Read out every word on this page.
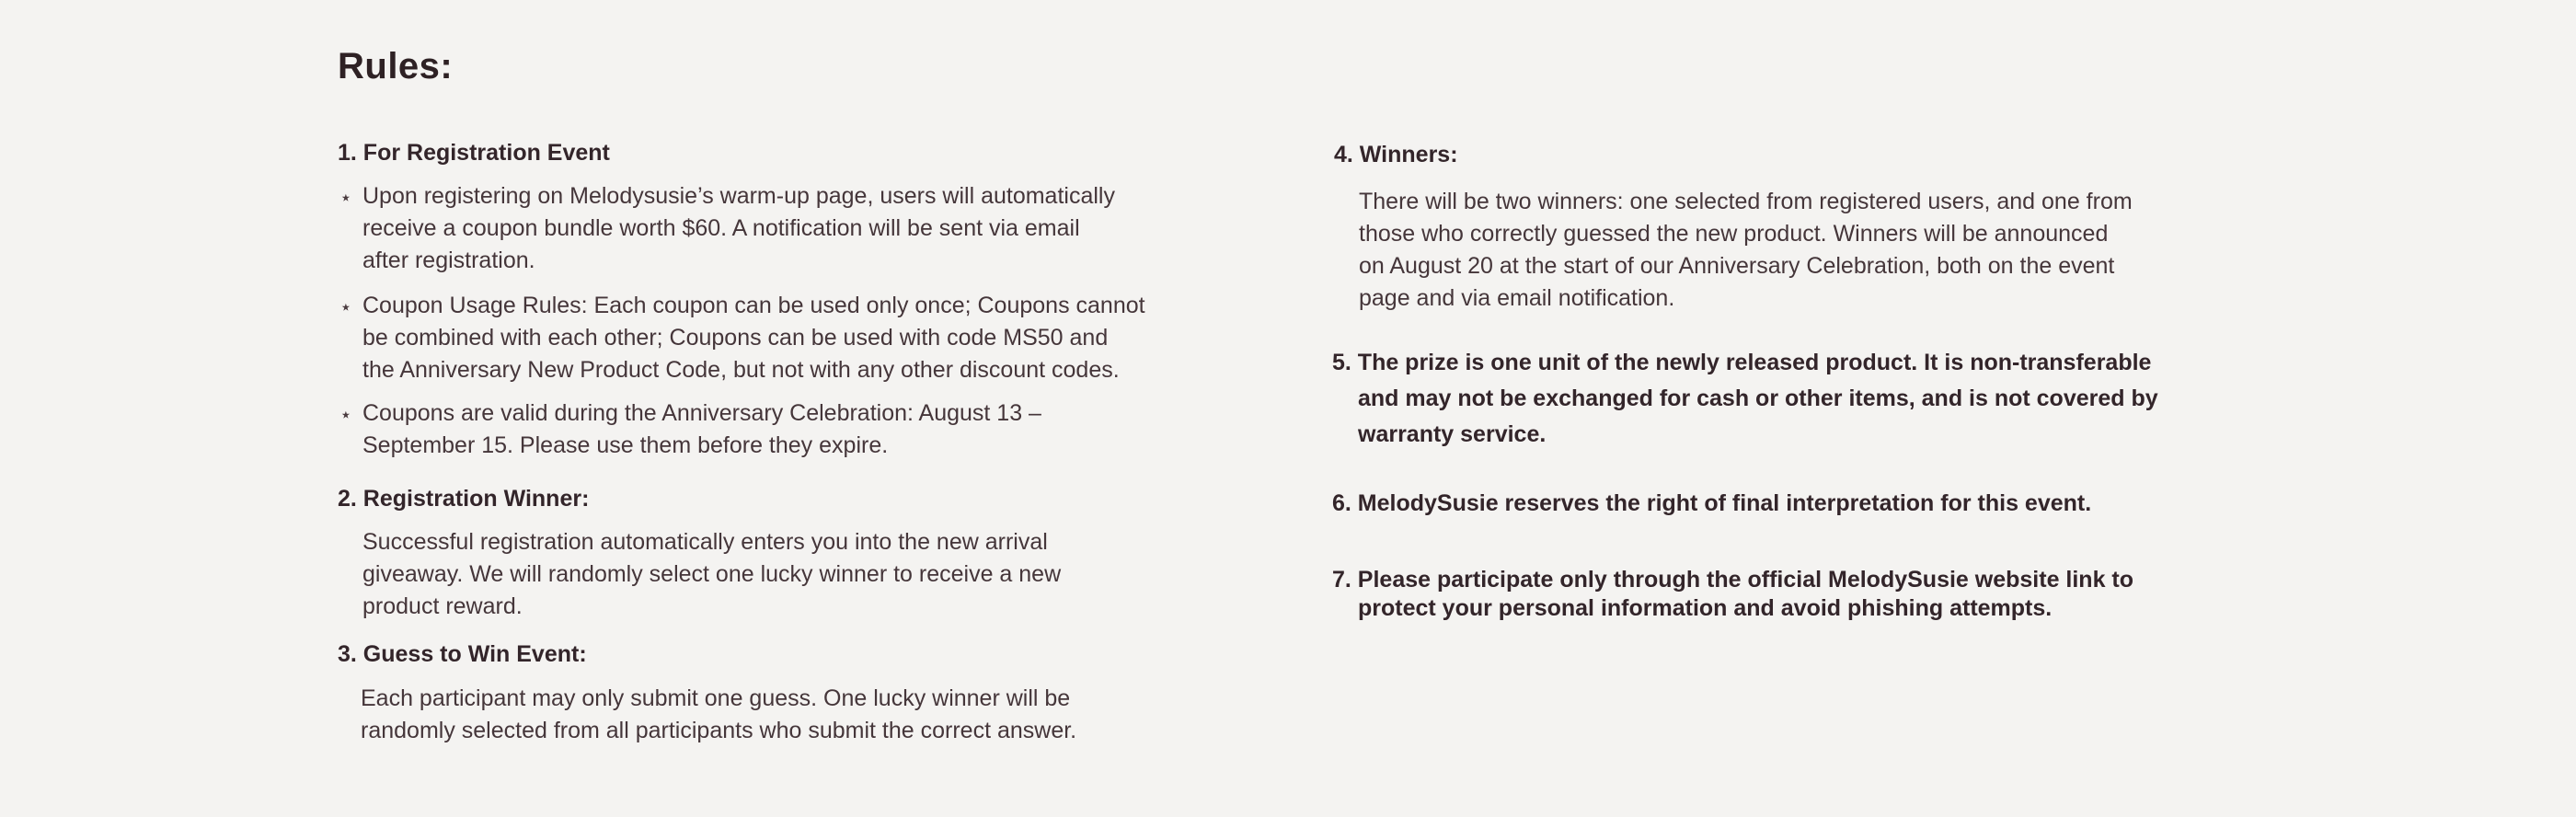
Rules:
1. For Registration Event
⋆ Upon registering on Melodysusie’s warm-up page, users will automatically
receive a coupon bundle worth $60. A notification will be sent via email
after registration.
⋆ Coupon Usage Rules: Each coupon can be used only once; Coupons cannot
be combined with each other; Coupons can be used with code MS50 and
the Anniversary New Product Code, but not with any other discount codes.
⋆ Coupons are valid during the Anniversary Celebration: August 13 –
September 15. Please use them before they expire.
2. Registration Winner:
Successful registration automatically enters you into the new arrival
giveaway. We will randomly select one lucky winner to receive a new
product reward.
3. Guess to Win Event:
Each participant may only submit one guess. One lucky winner will be
randomly selected from all participants who submit the correct answer.
4. Winners:
There will be two winners: one selected from registered users, and one from
those who correctly guessed the new product. Winners will be announced
on August 20 at the start of our Anniversary Celebration, both on the event
page and via email notification.
5. The prize is one unit of the newly released product. It is non-transferable
and may not be exchanged for cash or other items, and is not covered by
warranty service.
6. MelodySusie reserves the right of final interpretation for this event.
7. Please participate only through the official MelodySusie website link to
protect your personal information and avoid phishing attempts.
